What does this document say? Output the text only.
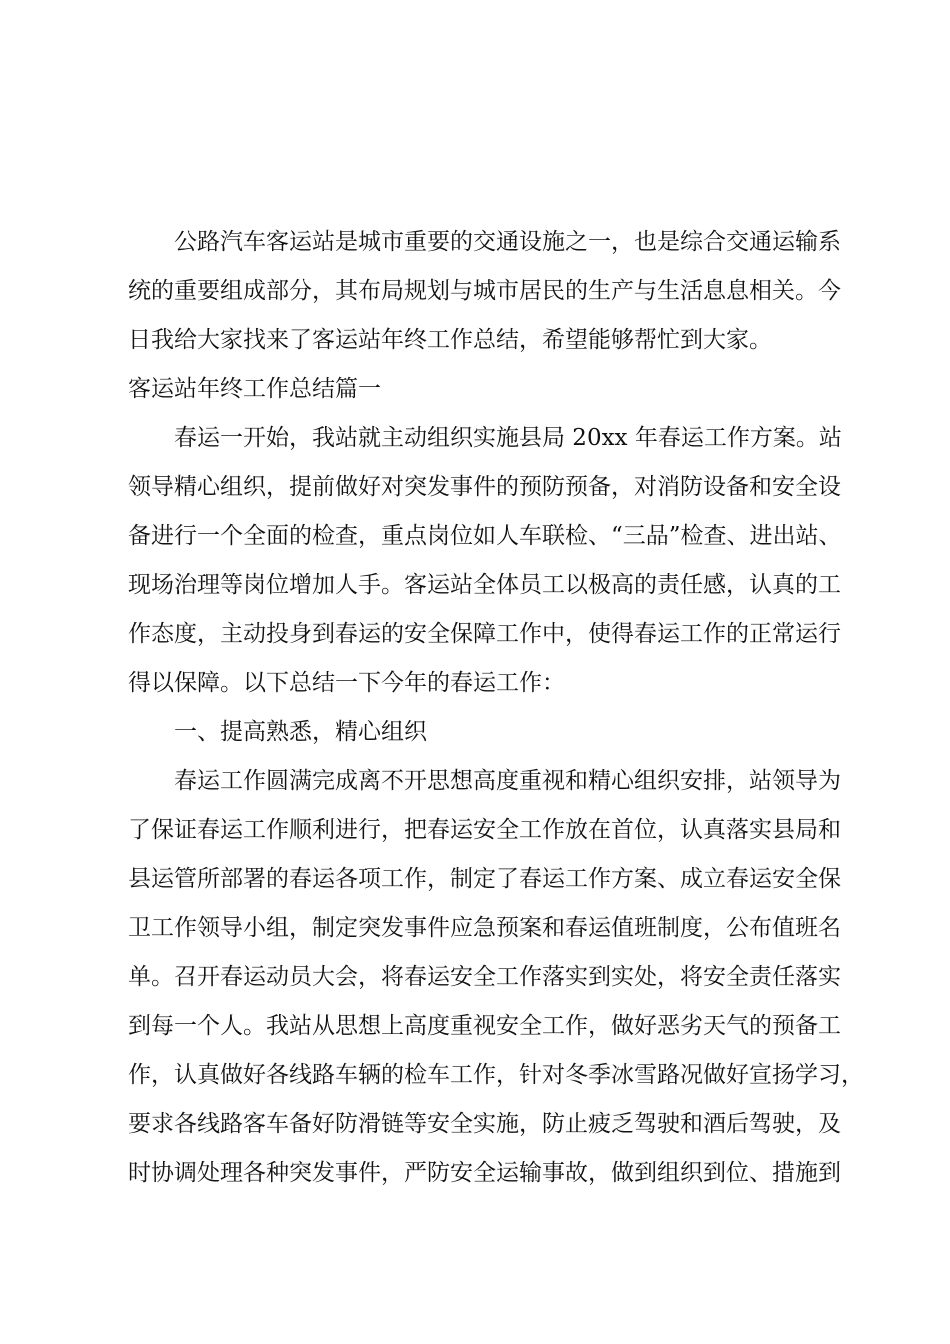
公路汽车客运站是城市重要的交通设施之一，也是综合交通运输系
统的重要组成部分，其布局规划与城市居民的生产与生活息息相关。今
日我给大家找来了客运站年终工作总结，希望能够帮忙到大家。
客运站年终工作总结篇一
春运一开始，我站就主动组织实施县局 20xx 年春运工作方案。站
领导精心组织，提前做好对突发事件的预防预备，对消防设备和安全设
备进行一个全面的检查，重点岗位如人车联检、“三品”检查、进出站、
现场治理等岗位增加人手。客运站全体员工以极高的责任感，认真的工
作态度，主动投身到春运的安全保障工作中，使得春运工作的正常运行
得以保障。以下总结一下今年的春运工作：
一、提高熟悉，精心组织
春运工作圆满完成离不开思想高度重视和精心组织安排，站领导为
了保证春运工作顺利进行，把春运安全工作放在首位，认真落实县局和
县运管所部署的春运各项工作，制定了春运工作方案、成立春运安全保
卫工作领导小组，制定突发事件应急预案和春运值班制度，公布值班名
单。召开春运动员大会，将春运安全工作落实到实处，将安全责任落实
到每一个人。我站从思想上高度重视安全工作，做好恶劣天气的预备工
作，认真做好各线路车辆的检车工作，针对冬季冰雪路况做好宣扬学习，
要求各线路客车备好防滑链等安全实施，防止疲乏驾驶和酒后驾驶，及
时协调处理各种突发事件，严防安全运输事故，做到组织到位、措施到
